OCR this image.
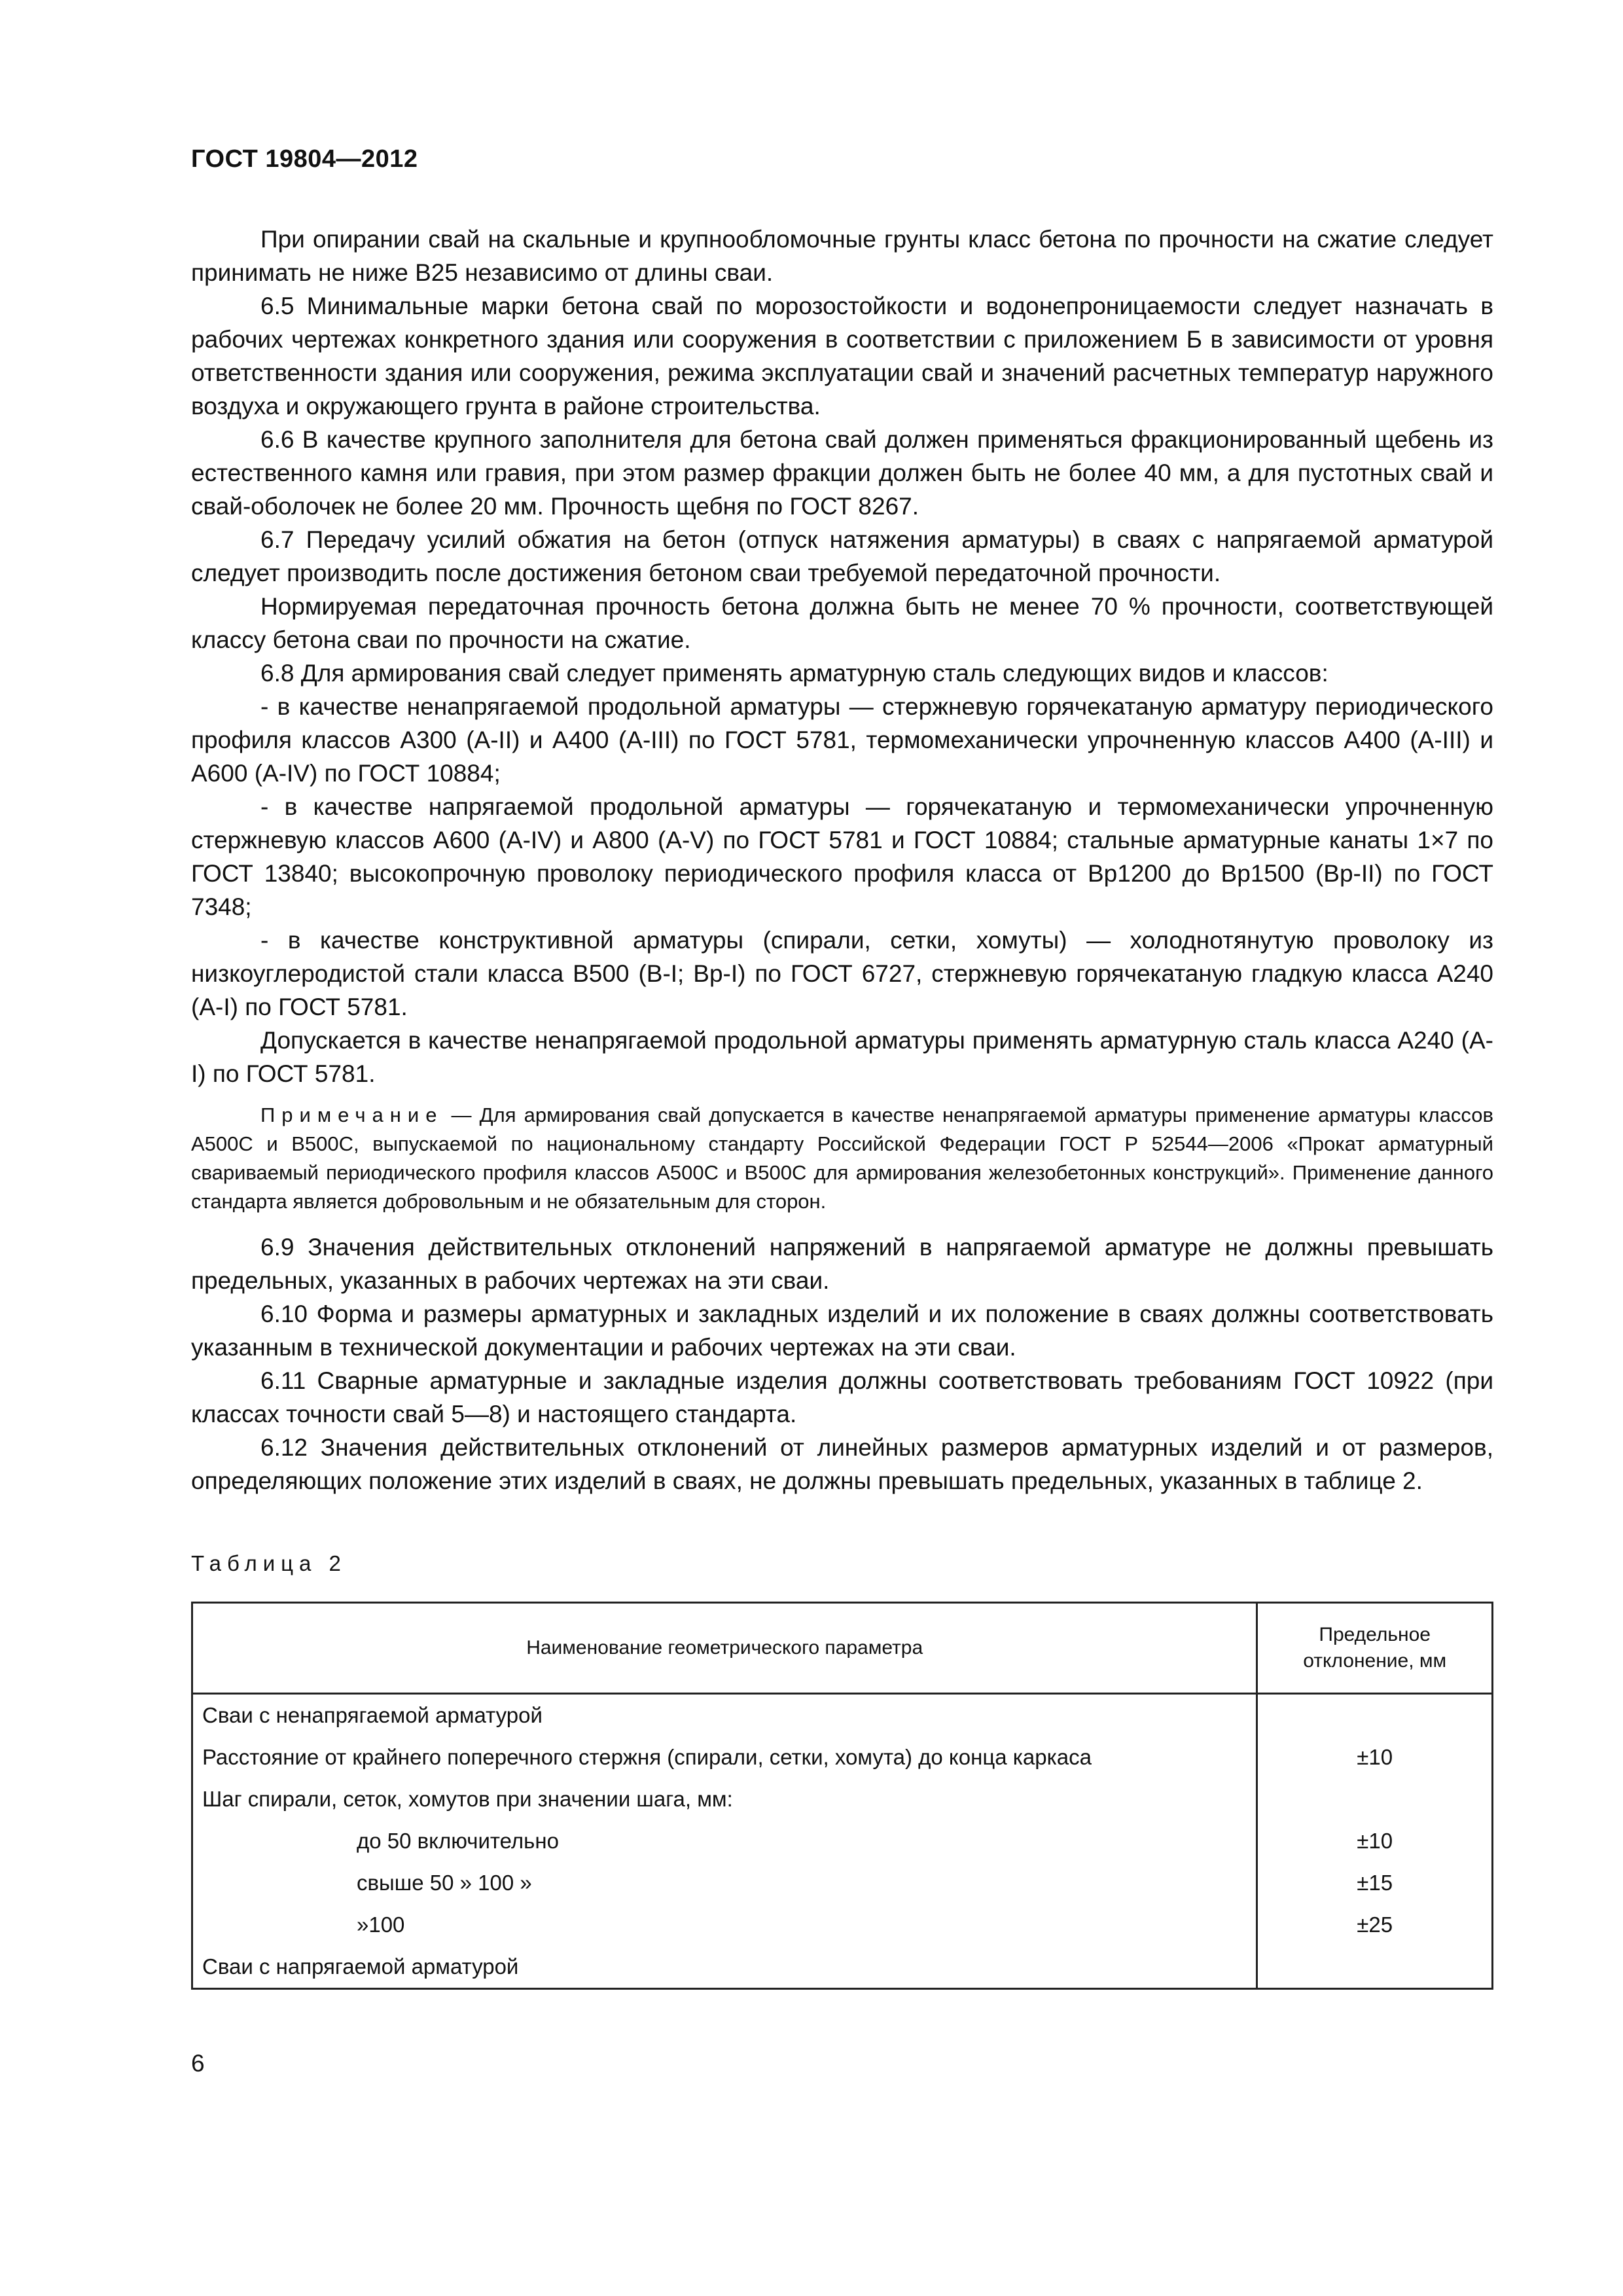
ГОСТ 19804—2012

При опирании свай на скальные и крупнообломочные грунты класс бетона по прочности на сжатие следует принимать не ниже В25 независимо от длины сваи.

6.5 Минимальные марки бетона свай по морозостойкости и водонепроницаемости следует назначать в рабочих чертежах конкретного здания или сооружения в соответствии с приложением Б в зависимости от уровня ответственности здания или сооружения, режима эксплуатации свай и значений расчетных температур наружного воздуха и окружающего грунта в районе строительства.

6.6 В качестве крупного заполнителя для бетона свай должен применяться фракционированный щебень из естественного камня или гравия, при этом размер фракции должен быть не более 40 мм, а для пустотных свай и свай-оболочек не более 20 мм. Прочность щебня по ГОСТ 8267.

6.7 Передачу усилий обжатия на бетон (отпуск натяжения арматуры) в сваях с напрягаемой арматурой следует производить после достижения бетоном сваи требуемой передаточной прочности.

Нормируемая передаточная прочность бетона должна быть не менее 70 % прочности, соответствующей классу бетона сваи по прочности на сжатие.

6.8 Для армирования свай следует применять арматурную сталь следующих видов и классов:

- в качестве ненапрягаемой продольной арматуры — стержневую горячекатаную арматуру периодического профиля классов А300 (А-II) и А400 (А-III) по ГОСТ 5781, термомеханически упрочненную классов А400 (А-III) и А600 (А-IV) по ГОСТ 10884;

- в качестве напрягаемой продольной арматуры — горячекатаную и термомеханически упрочненную стержневую классов А600 (А-IV) и А800 (А-V) по ГОСТ 5781 и ГОСТ 10884; стальные арматурные канаты 1×7 по ГОСТ 13840; высокопрочную проволоку периодического профиля класса от Вр1200 до Вр1500 (Вр-II) по ГОСТ 7348;

- в качестве конструктивной арматуры (спирали, сетки, хомуты) — холоднотянутую проволоку из низкоуглеродистой стали класса В500 (В-I; Вр-I) по ГОСТ 6727, стержневую горячекатаную гладкую класса А240 (А-I) по ГОСТ 5781.

Допускается в качестве ненапрягаемой продольной арматуры применять арматурную сталь класса А240 (А-I) по ГОСТ 5781.

Примечание — Для армирования свай допускается в качестве ненапрягаемой арматуры применение арматуры классов А500С и В500С, выпускаемой по национальному стандарту Российской Федерации ГОСТ Р 52544—2006 «Прокат арматурный свариваемый периодического профиля классов А500С и В500С для армирования железобетонных конструкций». Применение данного стандарта является добровольным и не обязательным для сторон.

6.9 Значения действительных отклонений напряжений в напрягаемой арматуре не должны превышать предельных, указанных в рабочих чертежах на эти сваи.

6.10 Форма и размеры арматурных и закладных изделий и их положение в сваях должны соответствовать указанным в технической документации и рабочих чертежах на эти сваи.

6.11 Сварные арматурные и закладные изделия должны соответствовать требованиям ГОСТ 10922 (при классах точности свай 5—8) и настоящего стандарта.

6.12 Значения действительных отклонений от линейных размеров арматурных изделий и от размеров, определяющих положение этих изделий в сваях, не должны превышать предельных, указанных в таблице 2.

Таблица 2
Наименование геометрического параметра	Предельное отклонение, мм
Сваи с ненапрягаемой арматурой	
Расстояние от крайнего поперечного стержня (спирали, сетки, хомута) до конца каркаса	±10
Шаг спирали, сеток, хомутов при значении шага, мм:	
до 50 включительно	±10
свыше 50 » 100 »	±15
»100	±25
Сваи с напрягаемой арматурой	
6
